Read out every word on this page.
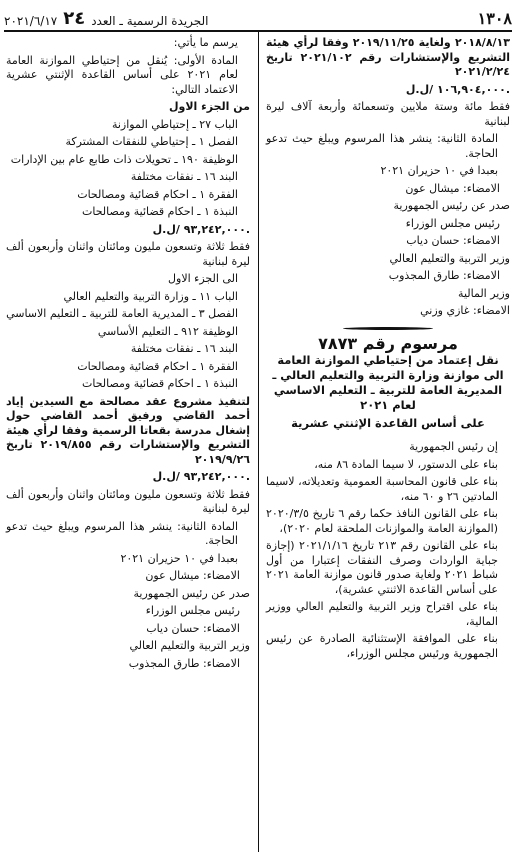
١٣٠٨
الجريدة الرسمية ـ العدد
٢٤
٢٠٢١/٦/١٧

٢٠١٨/٨/١٣ ولغاية ٢٠١٩/١١/٢٥ وفقا لرأي هيئة التشريع والإستشارات رقم ٢٠٢١/١٠٢ تاريخ ٢٠٢١/٢/٢٤

١٠٦,٩٠٤,٠٠٠ /ل.ل.

فقط مائة وستة ملايين وتسعمائة وأربعة آلاف ليرة لبنانية

المادة الثانية: ينشر هذا المرسوم ويبلغ حيث تدعو الحاجة.

بعبدا في ١٠ حزيران ٢٠٢١

الامضاء: ميشال عون

صدر عن رئيس الجمهورية

رئيس مجلس الوزراء

الامضاء: حسان دياب

وزير التربية والتعليم العالي

الامضاء: طارق المجذوب

وزير المالية

الامضاء: غازي وزني

مرسوم رقم ٧٨٧٣

نقل إعتماد من إحتياطي الموازنة العامة الى موازنة وزارة التربية والتعليم العالي ـ المديرية العامة للتربية ـ التعليم الاساسي لعام ٢٠٢١

على أساس القاعدة الإثنتي عشرية

إن رئيس الجمهورية

بناء على الدستور، لا سيما المادة ٨٦ منه،

بناء على قانون المحاسبة العمومية وتعديلاته، لاسيما المادتين ٢٦ و ٦٠ منه،

بناء على القانون النافذ حكما رقم ٦ تاريخ ٢٠٢٠/٣/٥ (الموازنة العامة والموازنات الملحقة لعام ٢٠٢٠)،

بناء على القانون رقم ٢١٣ تاريخ ٢٠٢١/١/١٦ (إجازة جباية الواردات وصرف النفقات إعتبارا من أول شباط ٢٠٢١ ولغاية صدور قانون موازنة العامة ٢٠٢١ على أساس القاعدة الاثنتي عشرية)،

بناء على اقتراح وزير التربية والتعليم العالي ووزير المالية،

بناء على الموافقة الإستثنائية الصادرة عن رئيس الجمهورية ورئيس مجلس الوزراء،

يرسم ما يأتي:

المادة الأولى: يُنقل من إحتياطي الموازنة العامة لعام ٢٠٢١ على أساس القاعدة الإثنتي عشرية الاعتماد التالي:

من الجزء الاول

الباب ٢٧ ـ إحتياطي الموازنة

الفصل ١ ـ إحتياطي للنفقات المشتركة

الوظيفة ١٩٠ ـ تحويلات ذات طابع عام بين الإدارات

البند ١٦ ـ نفقات مختلفة

الفقرة ١ ـ احكام قضائية ومصالحات

النبذة ١ ـ احكام قضائية ومصالحات

٩٣,٢٤٢,٠٠٠ /ل.ل.

فقط ثلاثة وتسعون مليون ومائتان واثنان وأربعون ألف ليرة لبنانية

الى الجزء الاول

الباب ١١ ـ وزارة التربية والتعليم العالي

الفصل ٣ ـ المديرية العامة للتربية ـ التعليم الاساسي

الوظيفة ٩١٢ ـ التعليم الأساسي

البند ١٦ ـ نفقات مختلفة

الفقرة ١ ـ احكام قضائية ومصالحات

النبذة ١ ـ احكام قضائية ومصالحات

لتنفيذ مشروع عقد مصالحة مع السيدين إياد أحمد القاضي ورفيق أحمد القاضي حول إشغال مدرسة بقعاتا الرسمية وفقا لرأي هيئة التشريع والإستشارات رقم ٢٠١٩/٨٥٥ تاريخ ٢٠١٩/٩/٢٦

٩٣,٢٤٢,٠٠٠ /ل.ل.

فقط ثلاثة وتسعون مليون ومائتان واثنان وأربعون ألف ليرة لبنانية

المادة الثانية: ينشر هذا المرسوم ويبلغ حيث تدعو الحاجة.

بعبدا في ١٠ حزيران ٢٠٢١

الامضاء: ميشال عون

صدر عن رئيس الجمهورية

رئيس مجلس الوزراء

الامضاء: حسان دياب

وزير التربية والتعليم العالي

الامضاء: طارق المجذوب
